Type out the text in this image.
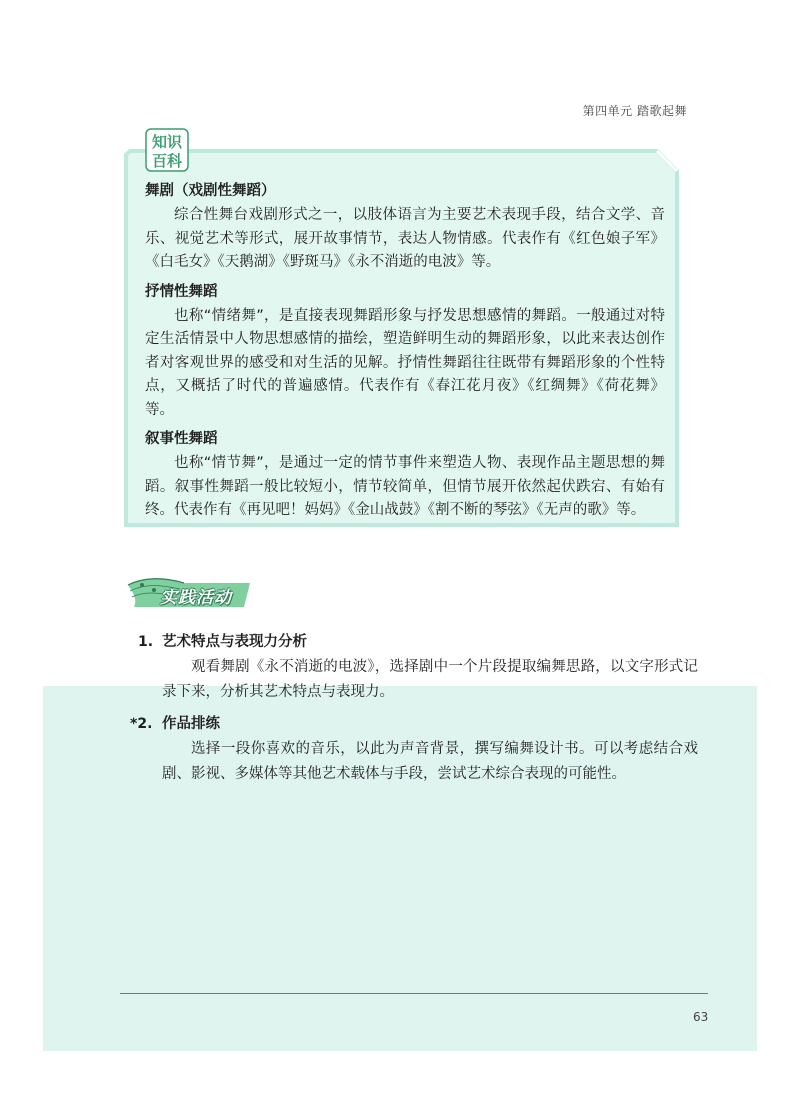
第四单元 踏歌起舞
知识
百科

舞剧（戏剧性舞蹈）

综合性舞台戏剧形式之一，以肢体语言为主要艺术表现手段，结合文学、音乐、视觉艺术等形式，展开故事情节，表达人物情感。代表作有《红色娘子军》《白毛女》《天鹅湖》《野斑马》《永不消逝的电波》等。

抒情性舞蹈

也称“情绪舞”，是直接表现舞蹈形象与抒发思想感情的舞蹈。一般通过对特定生活情景中人物思想感情的描绘，塑造鲜明生动的舞蹈形象，以此来表达创作者对客观世界的感受和对生活的见解。抒情性舞蹈往往既带有舞蹈形象的个性特点，又概括了时代的普遍感情。代表作有《春江花月夜》《红绸舞》《荷花舞》等。

叙事性舞蹈

也称“情节舞”，是通过一定的情节事件来塑造人物、表现作品主题思想的舞蹈。叙事性舞蹈一般比较短小，情节较简单，但情节展开依然起伏跌宕、有始有终。代表作有《再见吧！妈妈》《金山战鼓》《割不断的琴弦》《无声的歌》等。

实践活动
1. 艺术特点与表现力分析
观看舞剧《永不消逝的电波》，选择剧中一个片段提取编舞思路，以文字形式记录下来，分析其艺术特点与表现力。
*2. 作品排练
选择一段你喜欢的音乐，以此为声音背景，撰写编舞设计书。可以考虑结合戏剧、影视、多媒体等其他艺术载体与手段，尝试艺术综合表现的可能性。
63
